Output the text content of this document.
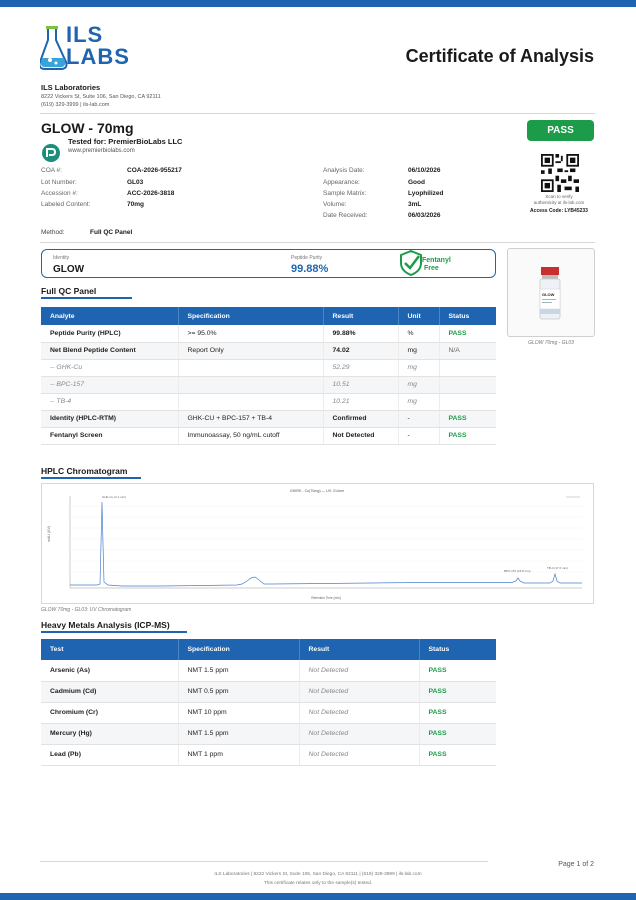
ILS
LABS	Certificate of Analysis
ILS Laboratories
8222 Vickers St, Suite 106, San Diego, CA 92111
(619) 329-3999 | ils-lab.com
GLOW - 70mg
Tested for: PremierBioLabs LLC
www.premierbiolabs.com
PASS
Scan to verify
authenticity at ils-lab.com
Access Code: LYB45233
COA #:	COA-2026-955217
Lot Number:	GL03
Accession #:	ACC-2026-3818
Labeled Content:	70mg
Analysis Date:	06/10/2026
Appearance:	Good
Sample Matrix:	Lyophilized
Volume:	3mL
Date Received:	06/03/2026
Method:	Full QC Panel
Identity
GLOW
Peptide Purity
99.88%
Fentanyl
Free
GLOW
GLOW 70mg - GL03
Full QC Panel
Analyte	Specification	Result	Unit	Status
Peptide Purity (HPLC)	>= 95.0%	99.88%	%	PASS
Net Blend Peptide Content	Report Only	74.02	mg	N/A
-- GHK-Cu		52.29	mg	
-- BPC-157		10.51	mg	
-- TB-4		10.21	mg	
Identity (HPLC-RTM)	GHK-CU + BPC-157 + TB-4	Confirmed	-	PASS
Fentanyl Screen	Immunoassay, 50 ng/mL cutoff	Not Detected	-	PASS
HPLC Chromatogram
GHIRK - Cu(70mg) — UV: 214nm
mAU (UV)
Retention Time (min)
GHK-Cu (2.1 min)
BPC-157 (15.8 min)
TB-4 (17.6 min)
GLOW 70mg - GL03: UV Chromatogram
Heavy Metals Analysis (ICP-MS)
Test	Specification	Result	Status
Arsenic (As)	NMT 1.5 ppm	Not Detected	PASS
Cadmium (Cd)	NMT 0.5 ppm	Not Detected	PASS
Chromium (Cr)	NMT 10 ppm	Not Detected	PASS
Mercury (Hg)	NMT 1.5 ppm	Not Detected	PASS
Lead (Pb)	NMT 1 ppm	Not Detected	PASS
Page 1 of 2
ILS Laboratories | 8222 Vickers St, Suite 106, San Diego, CA 92111 | (619) 329-3999 | ils-lab.com
This certificate relates only to the sample(s) tested.
